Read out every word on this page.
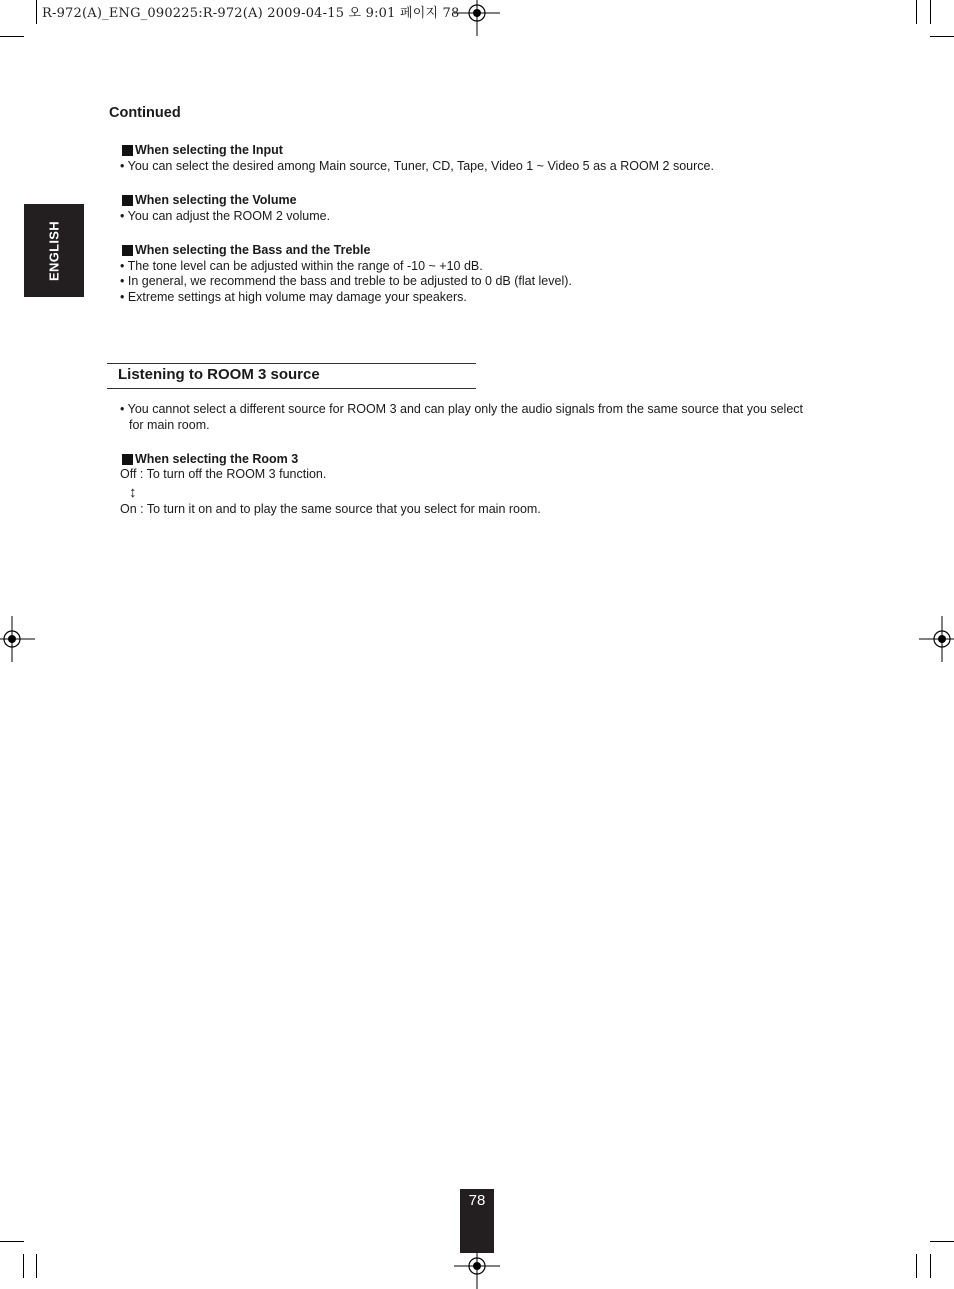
R-972(A)_ENG_090225:R-972(A) 2009-04-15 오 9:01 페이지 78
ENGLISH
Continued
When selecting the Input
• You can select the desired among Main source, Tuner, CD, Tape, Video 1 ~ Video 5 as a ROOM 2 source.
When selecting the Volume
• You can adjust the ROOM 2 volume.
When selecting the Bass and the Treble
• The tone level can be adjusted within the range of -10 ~ +10 dB.
• In general, we recommend the bass and treble to be adjusted to 0 dB (flat level).
• Extreme settings at high volume may damage your speakers.
Listening to ROOM 3 source
• You cannot select a different source for ROOM 3 and can play only the audio signals from the same source that you select
for main room.
When selecting the Room 3
Off : To turn off the ROOM 3 function.
↕
On : To turn it on and to play the same source that you select for main room.
78
